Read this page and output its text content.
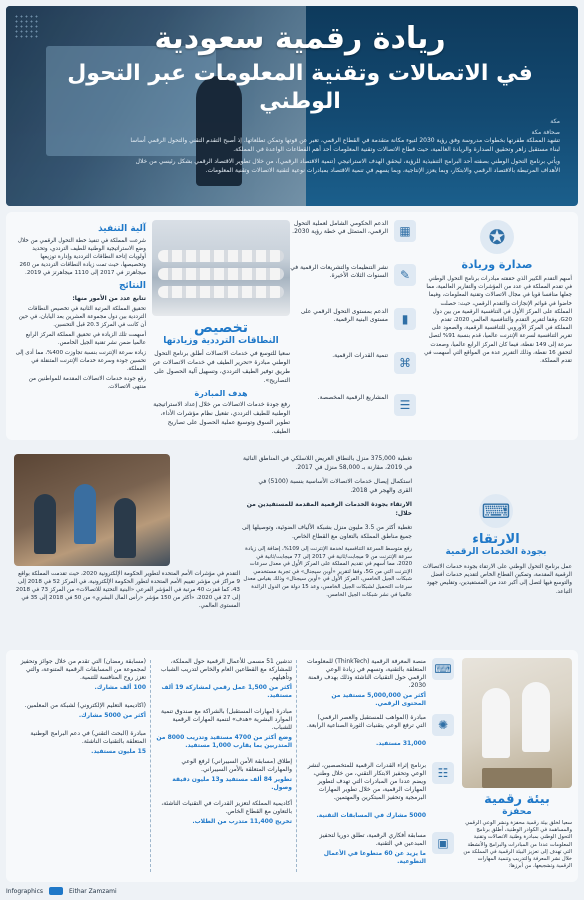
ريادة رقمية سعودية
في الاتصالات وتقنية المعلومات عبر التحول الوطني
مكة
صحافة مكة

تشهد المملكة طفرتها بخطوات مدروسة وفق رؤية 2030 لتبوء مكانة متقدمة في القطاع الرقمي، تعبر عن قوتها وتمكن تطلعاتها. إذ أصبح التقدم التقني والتحول الرقمي أساسا لبناء مستقبل زاهر وتحقيق الصدارة والريادة العالمية، حيث قطاع الاتصالات وتقنية المعلومات أحد أهم القطاعات الواعدة في المملكة.

ويأتي برنامج التحول الوطني بصفته أحد البرامج التنفيذية للرؤية، ليحقق الهدف الاستراتيجي (تنمية الاقتصاد الرقمي)، من خلال تطوير الاقتصاد الرقمي بشكل رئيسي من خلال الأهداف المرتبطة بالاقتصاد الرقمي والابتكار، وبما يعزز الإنتاجية، وبما يسهم في تنمية الاقتصاد بمبادرات نوعية لتقنية الاتصالات وتقنية المعلومات.

✪
صدارة وريادة
أسهم التقدم الكبير الذي حققته مبادرات برنامج التحول الوطني في تقدم المملكة في عدد من المؤشرات والتقارير العالمية، مما جعلها منافسا قويا في مجال الاتصالات وتقنية المعلومات، وفيما خاضوا في قوائم الإنجازات والتقدم الرقمي، حيث: حصلت المملكة على المركز الأول في التنافسية الرقمية من بين دول G20، وفقا لتقرير التقدم والتنافسية العالمي 2020، تقدم المملكة في المركز الأوروبي للتنافسية الرقمية، والصعود على تقرير التنافسية لسرعة الإنترنت عالميا، قدم بنسبة 91% لتصل سرعة إلى 149 نقطة، فيما كان المركز الرابع عالميا، وصعدت لتحقق 16 نقطة، وذلك التقرير عدة من المواقع التي أسهمت في تقدم المملكة.
▦
الدعم الحكومي الشامل لعملية التحول الرقمي، المتمثل في خطة رؤية 2030.
✎
نشر التنظيمات والتشريعات الرقمية في السنوات الثلاث الأخيرة.
▮
الدعم بمستوى التحول الرقمي على مستوى البنية الرقمية.
⌘
تنمية القدرات الرقمية.
☰
المشاريع الرقمية المخصصة.
تخصيص
النطاقات الترددية وزيادتها
سعيا للتوسع في خدمات الاتصالات أطلق برنامج التحول الوطني مبادرة «تحرير الطيف في خدمات الاتصالات عن طريق توفير الطيف الترددي، وتسهيل آلية الحصول على التصاريح».
هدف المبادرة
رفع جودة خدمات الاتصالات من خلال إعداد الاستراتيجية الوطنية للطيف الترددي، تفعيل نظام مؤشرات الأداء، تطوير السوق وتوسيع عملية الحصول على تصاريح الطيف.
آلية التنفيذ
شرعت المملكة في تنفيذ خطة التحول الرقمي من خلال وضع الاستراتيجية الوطنية للطيف الترددي، وتحديد أولويات إتاحة النطاقات الترددية وإدارة توزيعها وتخصيصها، حيث تمت زيادة النطاقات الترددية من 260 ميجاهرتز في 2017 إلى 1110 ميجاهرتز في 2019.
النتائج
تتابع عدد من الأمور منها:
تحقيق المملكة المرتبة الثانية في تخصيص النطاقات الترددية بين دول مجموعة العشرين بعد اليابان، في حين أن كانت في المركز 20.3 قبل التحسين.
أسهمت تلك الزيادة في تحقيق المملكة المركز الرابع عالميا ضمن نشر تقنية الجيل الخامس.
زيادة سرعة الإنترنت بنسبة تجاوزت 400%، مما أدى إلى تحسين جودة وسرعة خدمات الإنترنت المتنقلة في المملكة.
رفع جودة خدمات الاتصالات المقدمة للمواطنين من منتهى الاتصالات.
⌨
الارتقاء
بجودة الخدمات الرقمية
عمل برنامج التحول الوطني على الارتقاء بجودة خدمات الاتصالات الرقمية المقدمة، وتمكين القطاع الخاص لتقديم خدمات أفضل والتوسع فيها لتصل إلى أكبر عدد من المستفيدين، وتقليص جهود التباعد.
تغطية 375,000 منزل بالنطاق العريض اللاسلكي في المناطق النائية في 2019، مقارنة بـ 58,000 منزل في 2017.
استكمال إيصال خدمات الاتصالات الأساسية بنسبة (5100) في القرى والهجر في 2018.
الارتقاء بجودة الخدمات الرقمية المقدمة للمستفيدين من خلال:
تغطية أكثر من 3.5 مليون منزل بشبكة الألياف الضوئية، وتوصيلها إلى جميع مناطق المملكة بالتعاون مع القطاع الخاص.
رفع متوسط السرعة التنافسية لخدمة الإنترنت إلى 109%، إضافة إلى زيادة سرعة الإنترنت من 9 ميجابت/ثانية في 2017 إلى 77 ميجابت/ثانية في 2020، مما أسهم في تقديم المملكة على المركز الأول في معدل سرعات الإنترنت التي من 5G، وفقا لتقرير «أوبن سيجنال» في تجربة مستخدمي شبكات الجيل الخامس، المركز الأول في «أوبن سيجنال» وذلك بقياس معدل سرعات التحميل لشبكات الجيل الخامس، وعد 15 دولة من الدول الرائدة عالميا في نشر شبكات الجيل الخامس.
التقدم في مؤشرات الأمم المتحدة لتطوير الحكومة الإلكترونية 2020، حيث تقدمت المملكة بواقع 9 مراكز في مؤشر تقييم الأمم المتحدة لتطور الحكومة الإلكترونية، في المركز 52 في 2018 إلى 43، كما قفزت 40 مرتبة في المؤشر الفرعي «البنية التحتية للاتصالات» من المركز 73 في 2018 إلى 27 في 2020، «أكثر من 150 مؤشر «رأس المال البشري» من 50 في 2018 إلى 35 في المستوى العالمي.
بيئة رقمية
محفزة
سعيا لخلق بيئة رقمية محفزة ونشر الوعي الرقمي والمساهمة في الكوادر الوطنية، أطلق برنامج التحول الوطني بمبادرة وطنية الاتصالات وتقنية المعلومات عددا من المبادرات والبرامج والأنشطة التي تهدف إلى تعزيز البيئة الرقمية في المملكة من خلال نشر المعرفة والتدريب وتنمية المهارات الرقمية وتشجيعها، من أبرزها:
⌨
منصة المعرفة الرقمية (ThinkTech) للمعلومات المتعلقة بالتقنية، وتسهم في زيادة الوعي الرقمي حول التقنيات الناشئة وذلك بهدف رقمنة 2030.
أكثر من 5,000,000 مستفيد من المحتوى الرقمي.
✺
مبادرة (المواهب للمستقبل والعصر الرقمي) التي ترفع الوعي بتقنيات الثورة الصناعية الرابعة.
31,000 مستفيد.
☷
برنامج إثراء القدرات الرقمية للمتخصصين، لنشر الوعي وتحفيز الابتكار التقني، من خلال وطني، ويضم عددا من المبادرات التي تهدف لتطوير المهارات الرقمية، من خلال تطوير المهارات البرمجية وتحفيز المبتكرين والمهتمين.
5000 مشارك في المسابقات التقنية.
▣
مسابقة أفكاري الرقمية، تطلق دوريا لتحفيز المبدعين في التقنية.
ما يزيد عن 60 متطوعا في الأعمال التطوعية.
تدشين 51 مسمى للأعمال الرقمية حول المملكة، للمشاركة مع القطاعين العام والخاص لتدريب الشباب وتأهيلهم.
أكثر من 1,500 عمل رقمي لمشاركة 19 ألف مستفيد.
مبادرة (مهارات المستقبل) بالشراكة مع صندوق تنمية الموارد البشرية «هدف» لتنمية المهارات الرقمية للشباب.
وضع أكثر من 4700 مستفيد وتدريب 8000 من المتدربين بما يقارب 1,000 مستفيد.
إطلاق (مسابقة الأمن السيبراني) لرفع الوعي والمهارات المتعلقة بالأمن السيبراني.
تطوير 84 ألف مستفيد و13 مليون دقيقة وصول.
أكاديمية المملكة لتعزيز القدرات في التقنيات الناشئة، بالتعاون مع القطاع الخاص.
تخريج 11,400 متدرب من الطلاب.
(مسابقة رمضان) التي تقدم من خلال جوائز وتحفيز لمجموعة من المسابقات الرقمية المتنوعة، والتي تعزز روح المنافسة للتنمية.
100 ألف مشارك.
(اكاديمية التعليم الإلكتروني) لشبكة من المعلمين.
أكثر من 5000 مشارك.
مبادرة (البحث التقني) في دعم البرامج الوطنية المتعلقة بالتقنيات الناشئة.
15 مليون مستفيد.
Infographics	Eithar Zamzami
